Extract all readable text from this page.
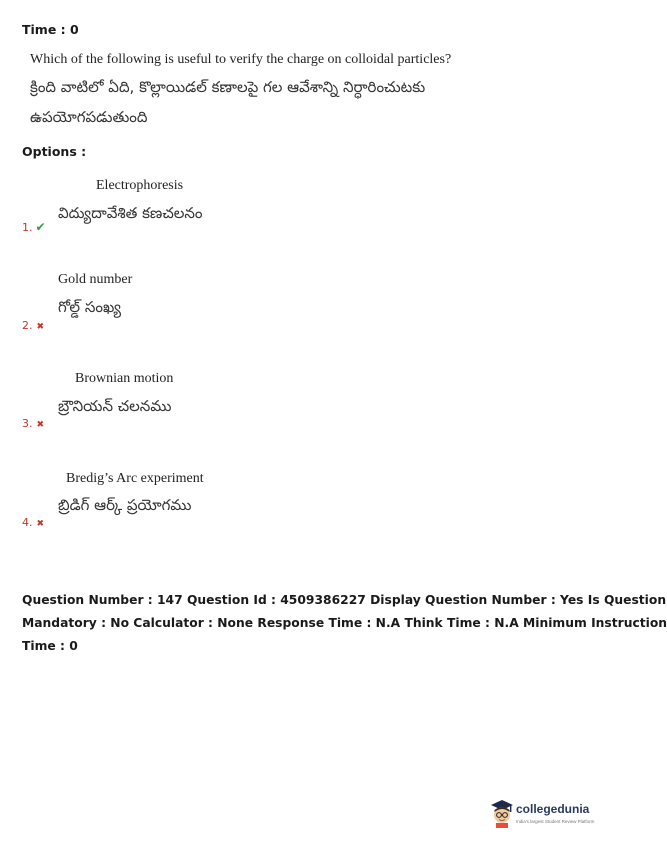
Time : 0
Which of the following is useful to verify the charge on colloidal particles?
క్రింది వాటిలో ఏది, కొల్లాయిడల్ కణాలపై గల ఆవేశాన్ని నిర్ధారించుటకు
ఉపయోగపడుతుంది
Options :
Electrophoresis
విద్యుదావేశిత కణచలనం
1. ✔
Gold number
గోల్డ్ సంఖ్య
2. ✖
Brownian motion
బ్రౌనియన్ చలనము
3. ✖
Bredig’s Arc experiment
బ్రిడిగ్ ఆర్క్ ప్రయోగము
4. ✖
Question Number : 147 Question Id : 4509386227 Display Question Number : Yes Is Question
Mandatory : No Calculator : None Response Time : N.A Think Time : N.A Minimum Instruction
Time : 0
collegedunia
India's largest Student Review Platform
